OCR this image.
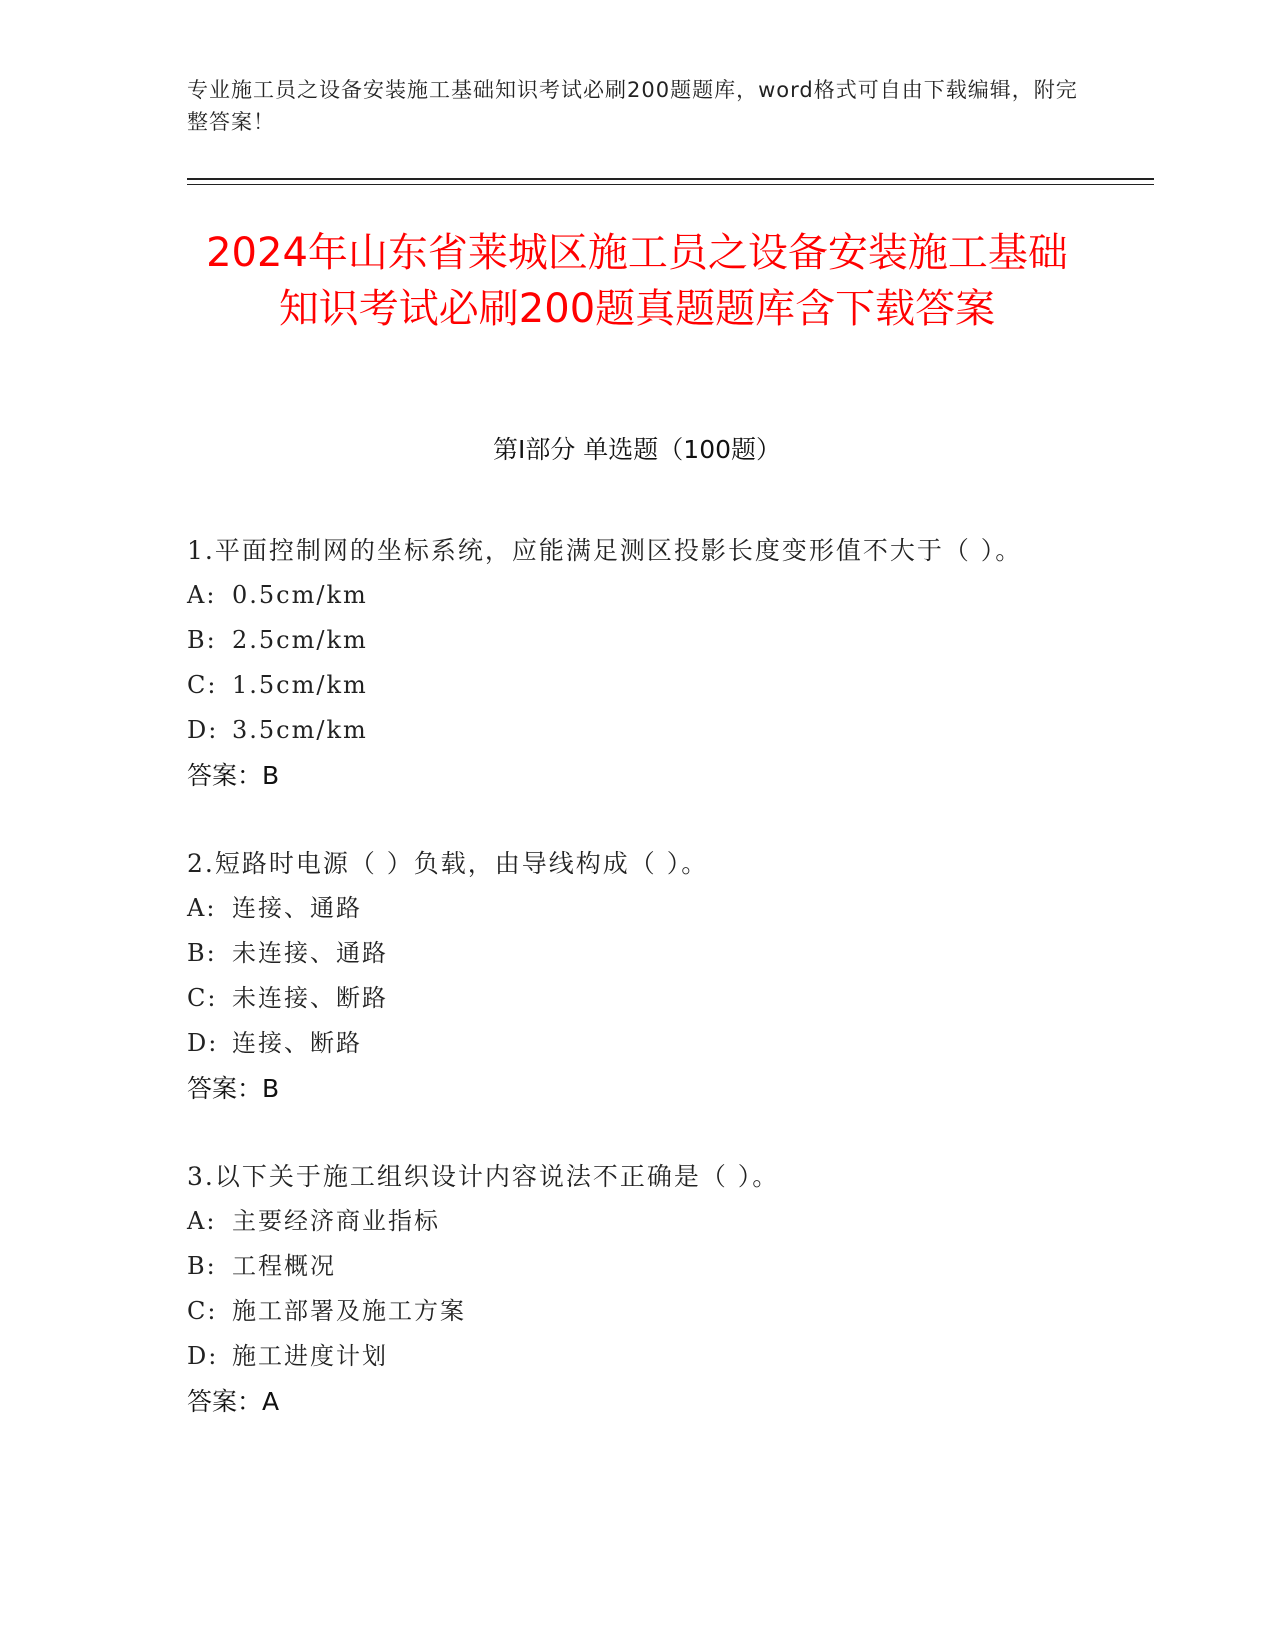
专业施工员之设备安装施工基础知识考试必刷200题题库，word格式可自由下载编辑，附完整答案！
2024年山东省莱城区施工员之设备安装施工基础知识考试必刷200题真题题库含下载答案
第I部分 单选题（100题）
1.平面控制网的坐标系统，应能满足测区投影长度变形值不大于（ ）。
A: 0.5cm/km
B: 2.5cm/km
C: 1.5cm/km
D: 3.5cm/km
答案：B
2.短路时电源（ ）负载，由导线构成（ ）。
A: 连接、通路
B: 未连接、通路
C: 未连接、断路
D: 连接、断路
答案：B
3.以下关于施工组织设计内容说法不正确是（ ）。
A: 主要经济商业指标
B: 工程概况
C: 施工部署及施工方案
D: 施工进度计划
答案：A
